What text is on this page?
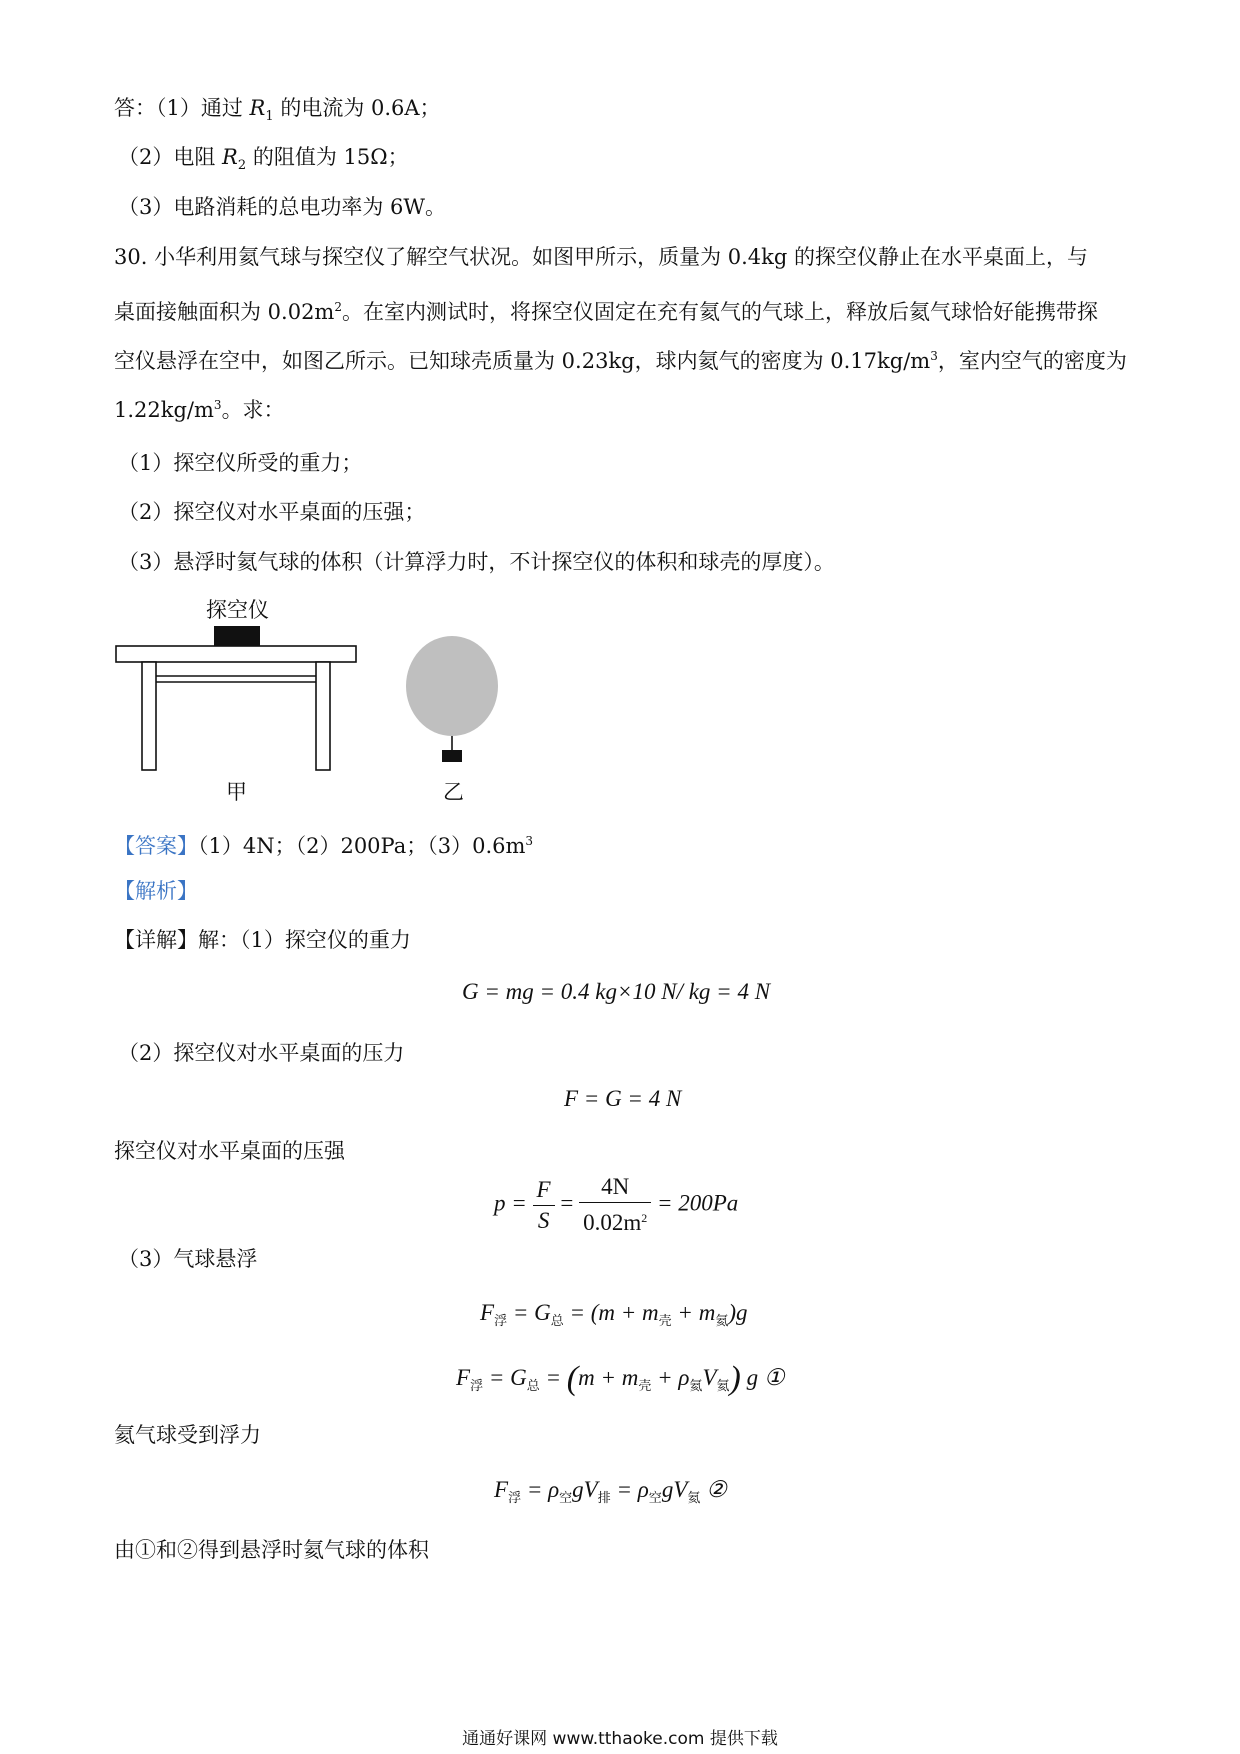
答：（1）通过 $R_1$ 的电流为 0.6A；
（2）电阻 $R_2$ 的阻值为 15Ω；
（3）电路消耗的总电功率为 6W。
30. 小华利用氦气球与探空仪了解空气状况。如图甲所示，质量为 0.4kg 的探空仪静止在水平桌面上，与
桌面接触面积为 $0.02m^2$。在室内测试时，将探空仪固定在充有氦气的气球上，释放后氦气球恰好能携带探
空仪悬浮在空中，如图乙所示。已知球壳质量为 0.23kg，球内氦气的密度为 $0.17kg/m^3$，室内空气的密度为
$1.22kg/m^3$。求：
（1）探空仪所受的重力；
（2）探空仪对水平桌面的压强；
（3）悬浮时氦气球的体积（计算浮力时，不计探空仪的体积和球壳的厚度）。
探空仪
甲	乙
【答案】（1）4N；（2）200Pa；$(3)0.6m^3$
【解析】
【详解】解：（1）探空仪的重力
G = mg = 0.4 kg×10 N/ kg = 4 N
（2）探空仪对水平桌面的压力
F = G = 4 N
探空仪对水平桌面的压强
$p = \frac{F}{S} = \frac{4N}{0.02m^2} = 200Pa$
（3）气球悬浮
$F_浮 = G_总 = (m + m_壳 + m_氦)g$
$F_浮 = G_总 = (m + m_壳 + \rho_氦V_氦)$ g ①
氦气球受到浮力
$F_浮 = \rho_空gV_排 = \rho_空gV_氦$ ②
由①和②得到悬浮时氦气球的体积
通通好课网 www.tthaoke.com 提供下载
